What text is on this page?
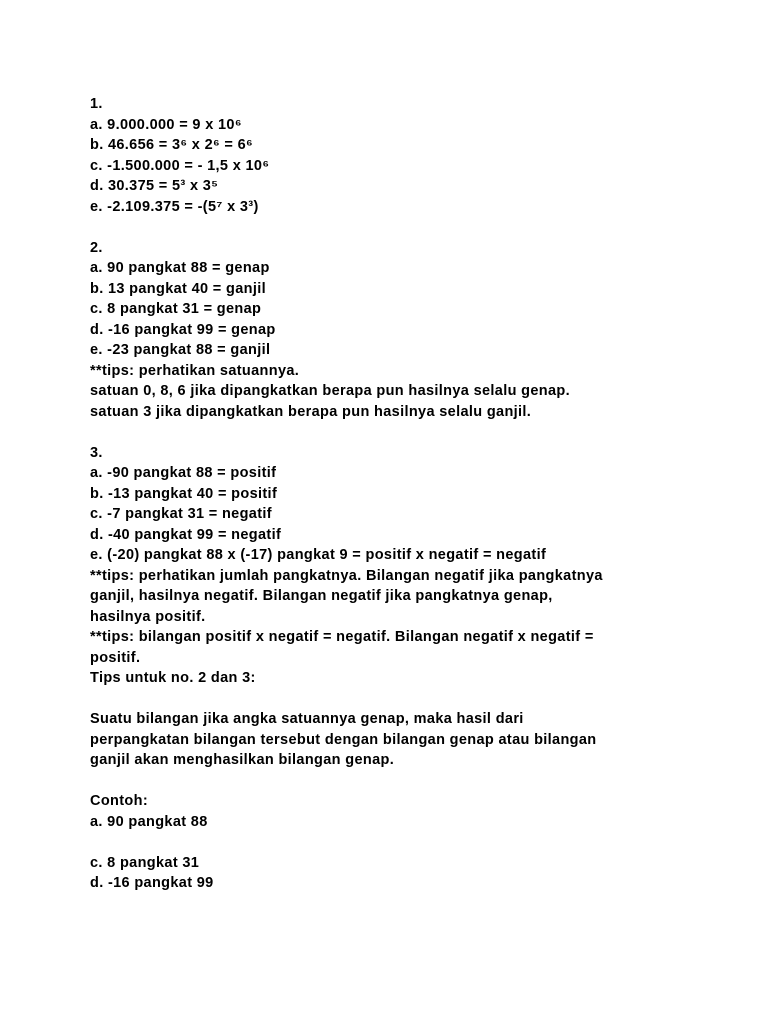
1.
a. 9.000.000 = 9 x 10⁶
b. 46.656 = 3⁶ x 2⁶ = 6⁶
c. -1.500.000 = - 1,5 x 10⁶
d. 30.375 = 5³ x 3⁵
e. -2.109.375 = -(5⁷ x 3³)
2.
a. 90 pangkat 88 = genap
b. 13 pangkat 40 = ganjil
c. 8 pangkat 31 = genap
d. -16 pangkat 99 = genap
e. -23 pangkat 88 = ganjil
**tips: perhatikan satuannya.
satuan 0, 8, 6 jika dipangkatkan berapa pun hasilnya selalu genap.
satuan 3 jika dipangkatkan berapa pun hasilnya selalu ganjil.
3.
a. -90 pangkat 88 = positif
b. -13 pangkat 40 = positif
c. -7 pangkat 31 = negatif
d. -40 pangkat 99 = negatif
e. (-20) pangkat 88 x (-17) pangkat 9 = positif x negatif = negatif
**tips: perhatikan jumlah pangkatnya. Bilangan negatif jika pangkatnya
ganjil, hasilnya negatif. Bilangan negatif jika pangkatnya genap,
hasilnya positif.
**tips: bilangan positif x negatif = negatif. Bilangan negatif x negatif =
positif.
Tips untuk no. 2 dan 3:
Suatu bilangan jika angka satuannya genap, maka hasil dari
perpangkatan bilangan tersebut dengan bilangan genap atau bilangan
ganjil akan menghasilkan bilangan genap.
Contoh:
a. 90 pangkat 88
c. 8 pangkat 31
d. -16 pangkat 99
